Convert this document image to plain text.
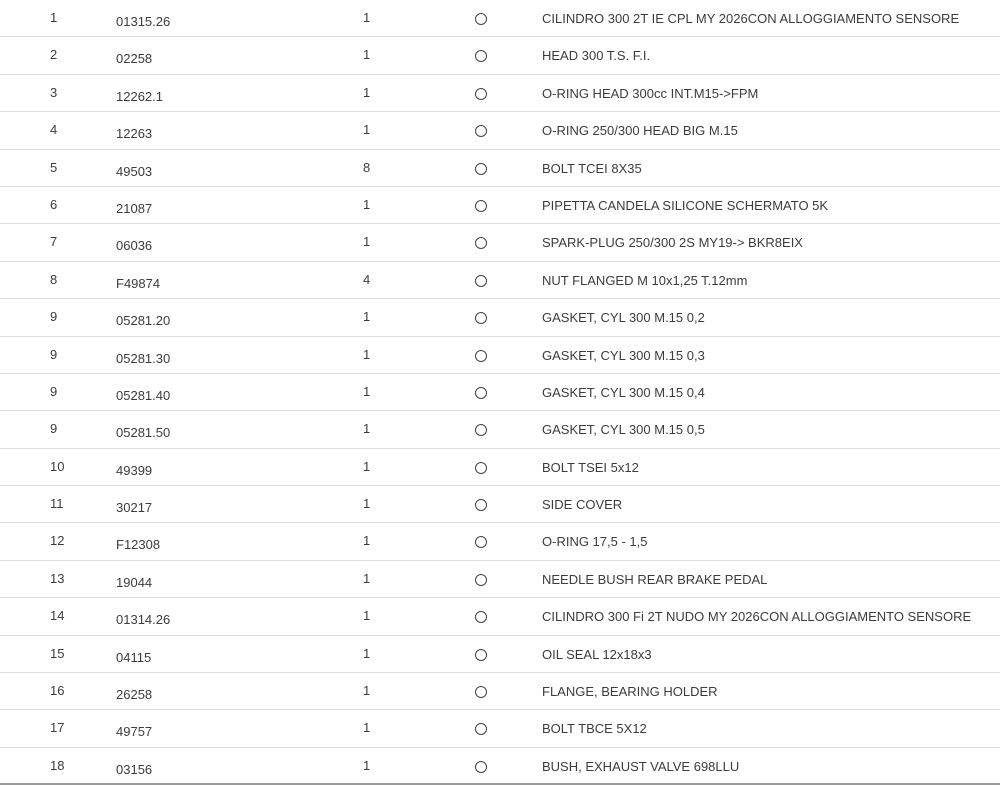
1	01315.26	1	CILINDRO 300 2T IE CPL MY 2026CON ALLOGGIAMENTO SENSORE
2	02258	1	HEAD 300 T.S. F.I.
3	12262.1	1	O-RING HEAD 300cc INT.M15->FPM
4	12263	1	O-RING 250/300 HEAD BIG M.15
5	49503	8	BOLT TCEI 8X35
6	21087	1	PIPETTA CANDELA SILICONE SCHERMATO 5K
7	06036	1	SPARK-PLUG 250/300 2S MY19-> BKR8EIX
8	F49874	4	NUT FLANGED M 10x1,25 T.12mm
9	05281.20	1	GASKET, CYL 300 M.15 0,2
9	05281.30	1	GASKET, CYL 300 M.15 0,3
9	05281.40	1	GASKET, CYL 300 M.15 0,4
9	05281.50	1	GASKET, CYL 300 M.15 0,5
10	49399	1	BOLT TSEI 5x12
11	30217	1	SIDE COVER
12	F12308	1	O-RING 17,5 - 1,5
13	19044	1	NEEDLE BUSH REAR BRAKE PEDAL
14	01314.26	1	CILINDRO 300 Fi 2T NUDO MY 2026CON ALLOGGIAMENTO SENSORE
15	04115	1	OIL SEAL 12x18x3
16	26258	1	FLANGE, BEARING HOLDER
17	49757	1	BOLT TBCE 5X12
18	03156	1	BUSH, EXHAUST VALVE 698LLU
